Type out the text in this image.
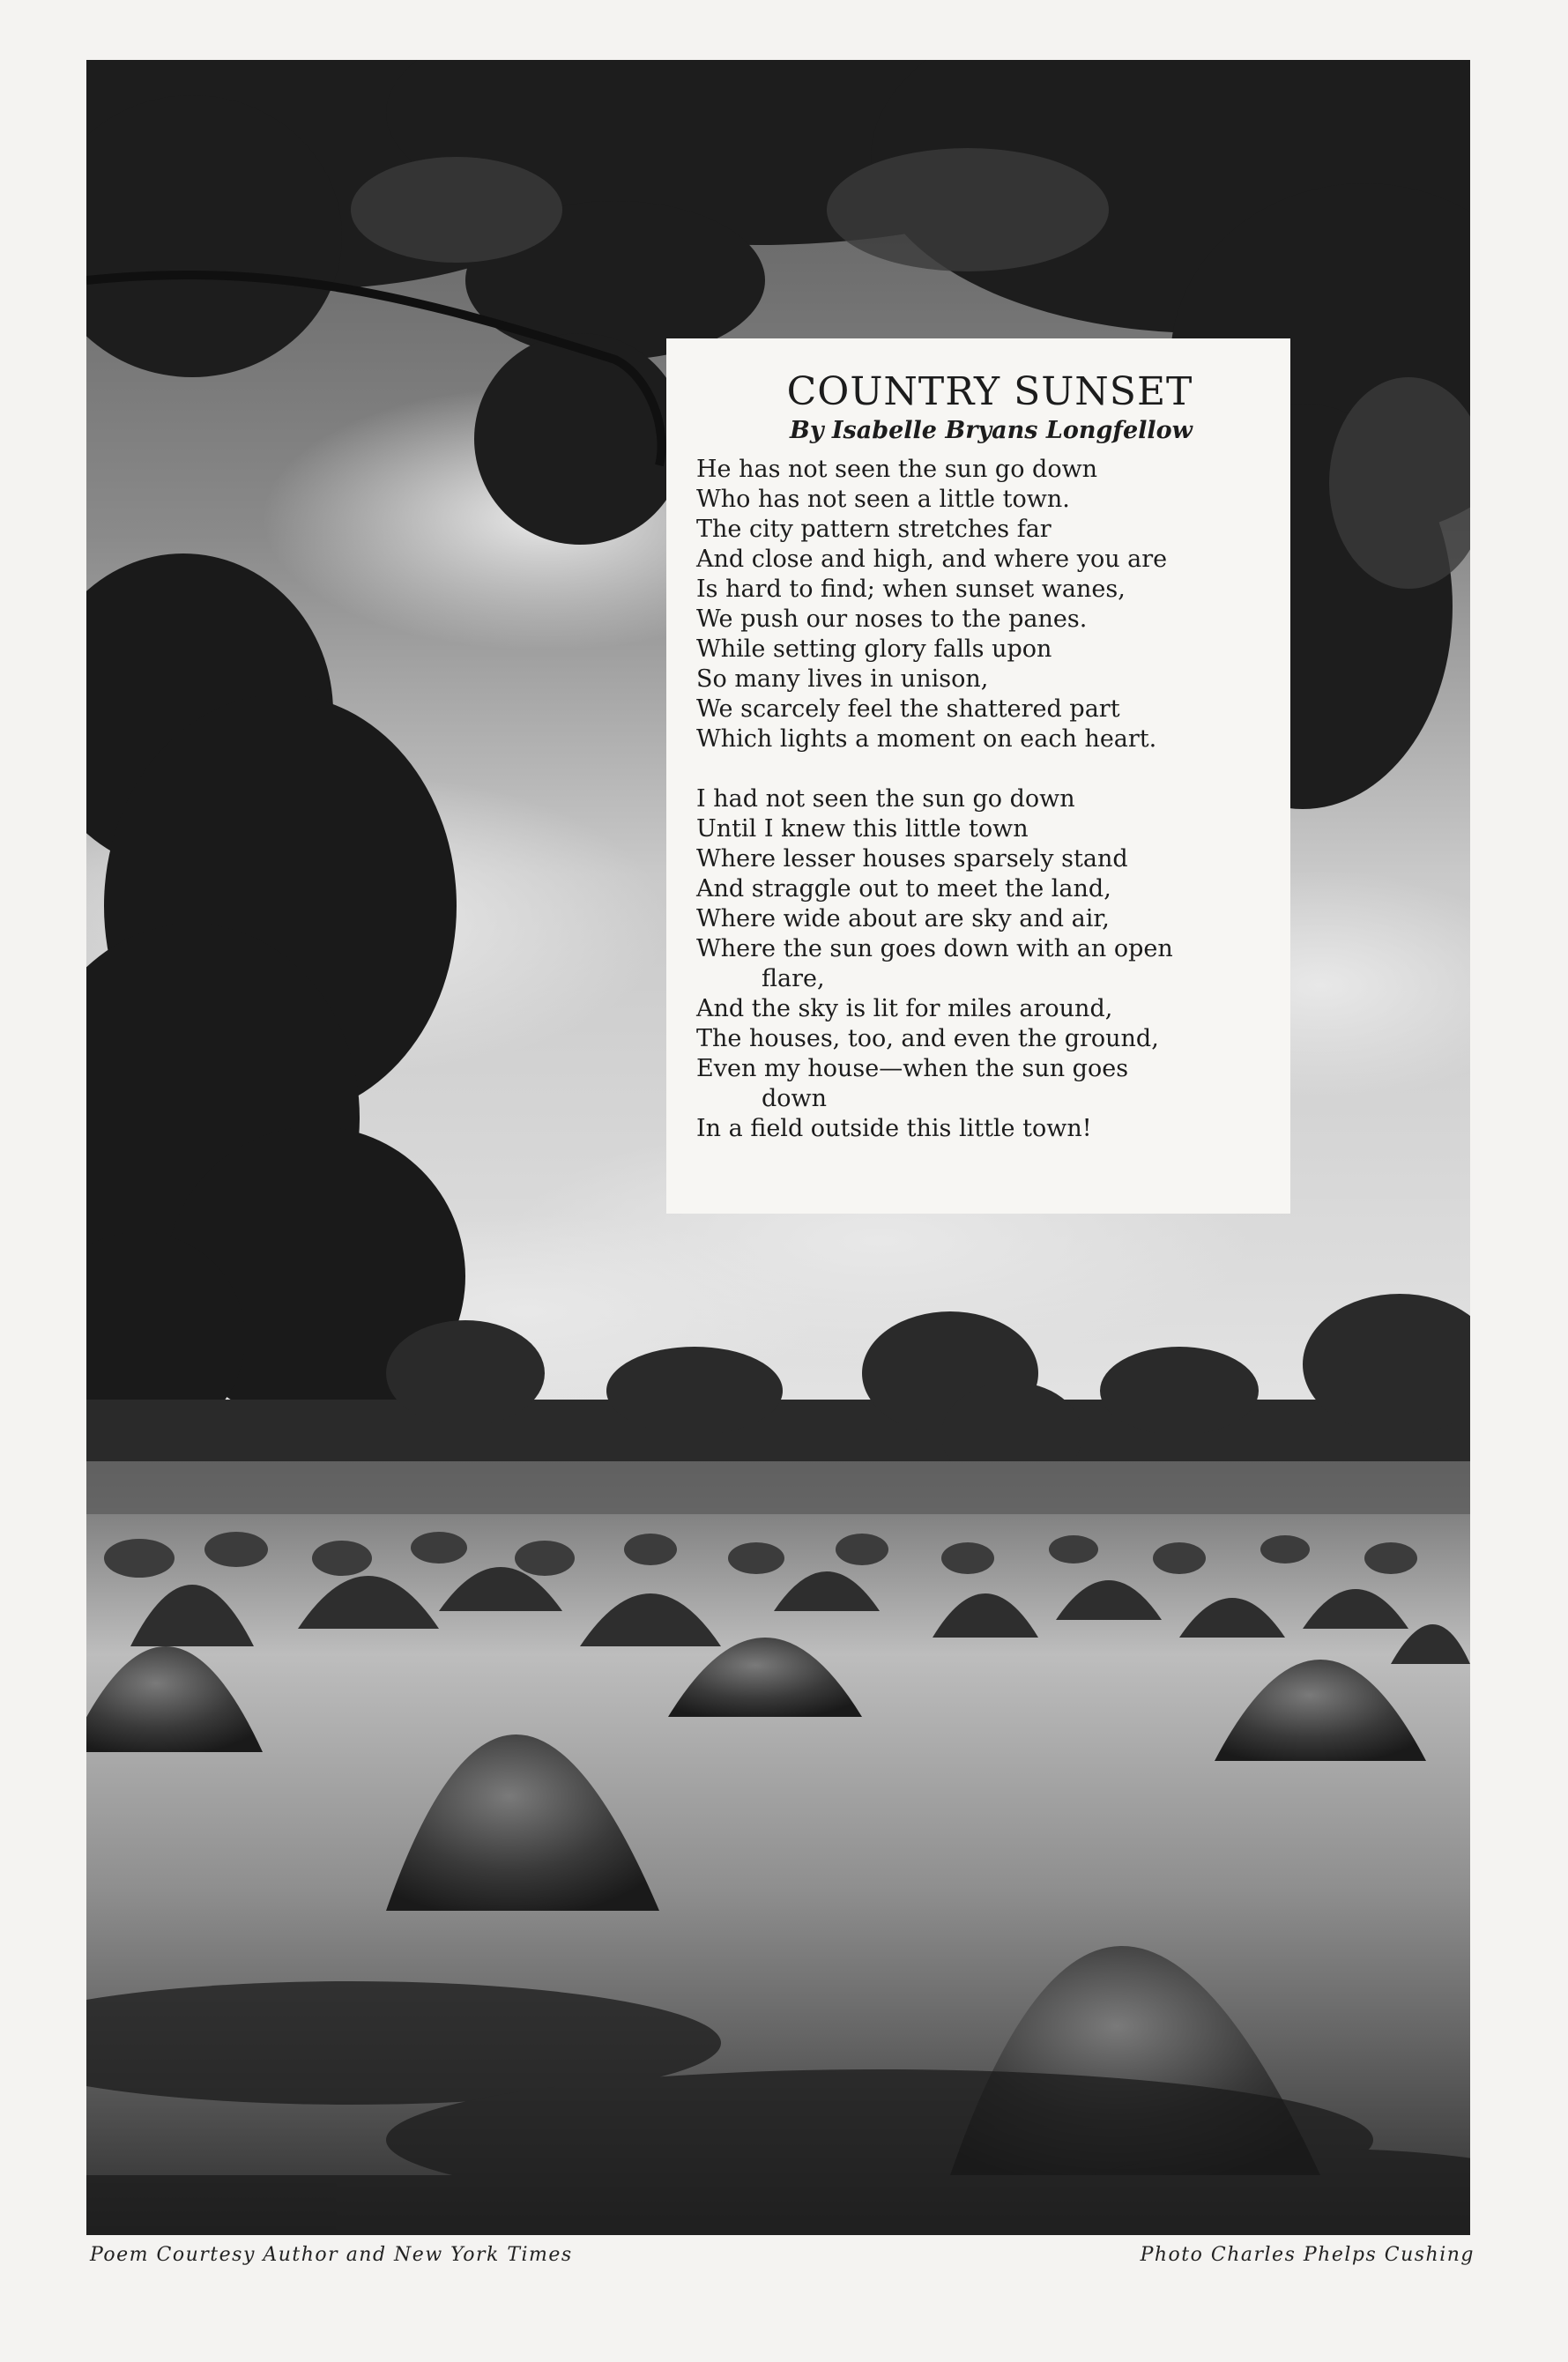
COUNTRY SUNSET
By Isabelle Bryans Longfellow
He has not seen the sun go down
Who has not seen a little town.
The city pattern stretches far
And close and high, and where you are
Is hard to find; when sunset wanes,
We push our noses to the panes.
While setting glory falls upon
So many lives in unison,
We scarcely feel the shattered part
Which lights a moment on each heart.
I had not seen the sun go down
Until I knew this little town
Where lesser houses sparsely stand
And straggle out to meet the land,
Where wide about are sky and air,
Where the sun goes down with an open
flare,
And the sky is lit for miles around,
The houses, too, and even the ground,
Even my house—when the sun goes
down
In a field outside this little town!
Poem Courtesy Author and New York Times	Photo Charles Phelps Cushing
